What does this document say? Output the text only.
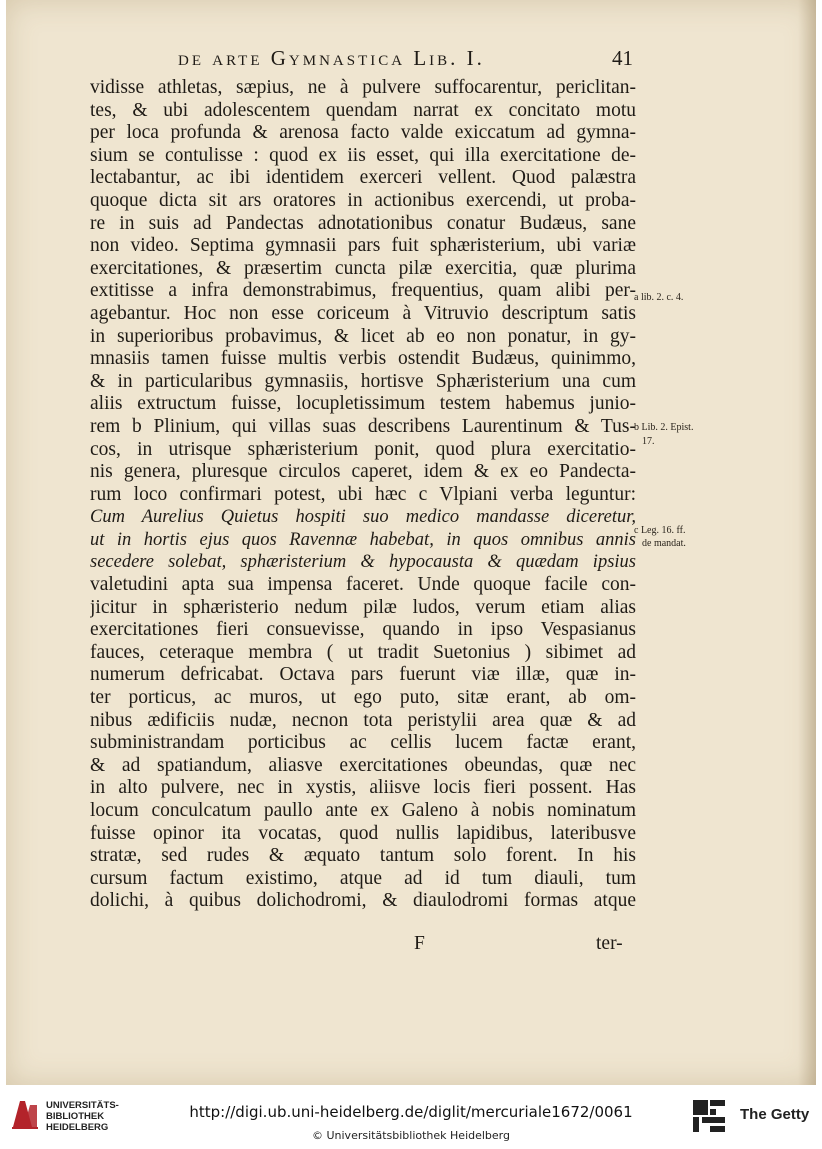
de arte Gymnastica Lib. I.	41
vidisse athletas, sæpius, ne à pulvere suffocarentur, periclitan-
tes, & ubi adolescentem quendam narrat ex concitato motu
per loca profunda & arenosa facto valde exiccatum ad gymna-
sium se contulisse : quod ex iis esset, qui illa exercitatione de-
lectabantur, ac ibi identidem exerceri vellent. Quod palæstra
quoque dicta sit ars oratores in actionibus exercendi, ut proba-
re in suis ad Pandectas adnotationibus conatur Budæus, sane
non video. Septima gymnasii pars fuit sphæristerium, ubi variæ
exercitationes, & præsertim cuncta pilæ exercitia, quæ plurima
extitisse a infra demonstrabimus, frequentius, quam alibi per-
agebantur. Hoc non esse coriceum à Vitruvio descriptum satis
in superioribus probavimus, & licet ab eo non ponatur, in gy-
mnasiis tamen fuisse multis verbis ostendit Budæus, quinimmo,
& in particularibus gymnasiis, hortisve Sphæristerium una cum
aliis extructum fuisse, locupletissimum testem habemus junio-
rem b Plinium, qui villas suas describens Laurentinum & Tus-
cos, in utrisque sphæristerium ponit, quod plura exercitatio-
nis genera, pluresque circulos caperet, idem & ex eo Pandecta-
rum loco confirmari potest, ubi hæc c Vlpiani verba leguntur:
Cum Aurelius Quietus hospiti suo medico mandasse diceretur,
ut in hortis ejus quos Ravennæ habebat, in quos omnibus annis
secedere solebat, sphæristerium & hypocausta & quædam ipsius
valetudini apta sua impensa faceret. Unde quoque facile con-
jicitur in sphæristerio nedum pilæ ludos, verum etiam alias
exercitationes fieri consuevisse, quando in ipso Vespasianus
fauces, ceteraque membra ( ut tradit Suetonius ) sibimet ad
numerum defricabat. Octava pars fuerunt viæ illæ, quæ in-
ter porticus, ac muros, ut ego puto, sitæ erant, ab om-
nibus ædificiis nudæ, necnon tota peristylii area quæ & ad
subministrandam porticibus ac cellis lucem factæ erant,
& ad spatiandum, aliasve exercitationes obeundas, quæ nec
in alto pulvere, nec in xystis, aliisve locis fieri possent. Has
locum conculcatum paullo ante ex Galeno à nobis nominatum
fuisse opinor ita vocatas, quod nullis lapidibus, lateribusve
stratæ, sed rudes & æquato tantum solo forent. In his
cursum factum existimo, atque ad id tum diauli, tum
dolichi, à quibus dolichodromi, & diaulodromi formas atque
a lib. 2. c. 4.
b Lib. 2. Epist.
17.
c Leg. 16. ff.
de mandat.
F	ter-
UNIVERSITÄTS-
BIBLIOTHEK
HEIDELBERG
http://digi.ub.uni-heidelberg.de/diglit/mercuriale1672/0061
© Universitätsbibliothek Heidelberg
The Getty
